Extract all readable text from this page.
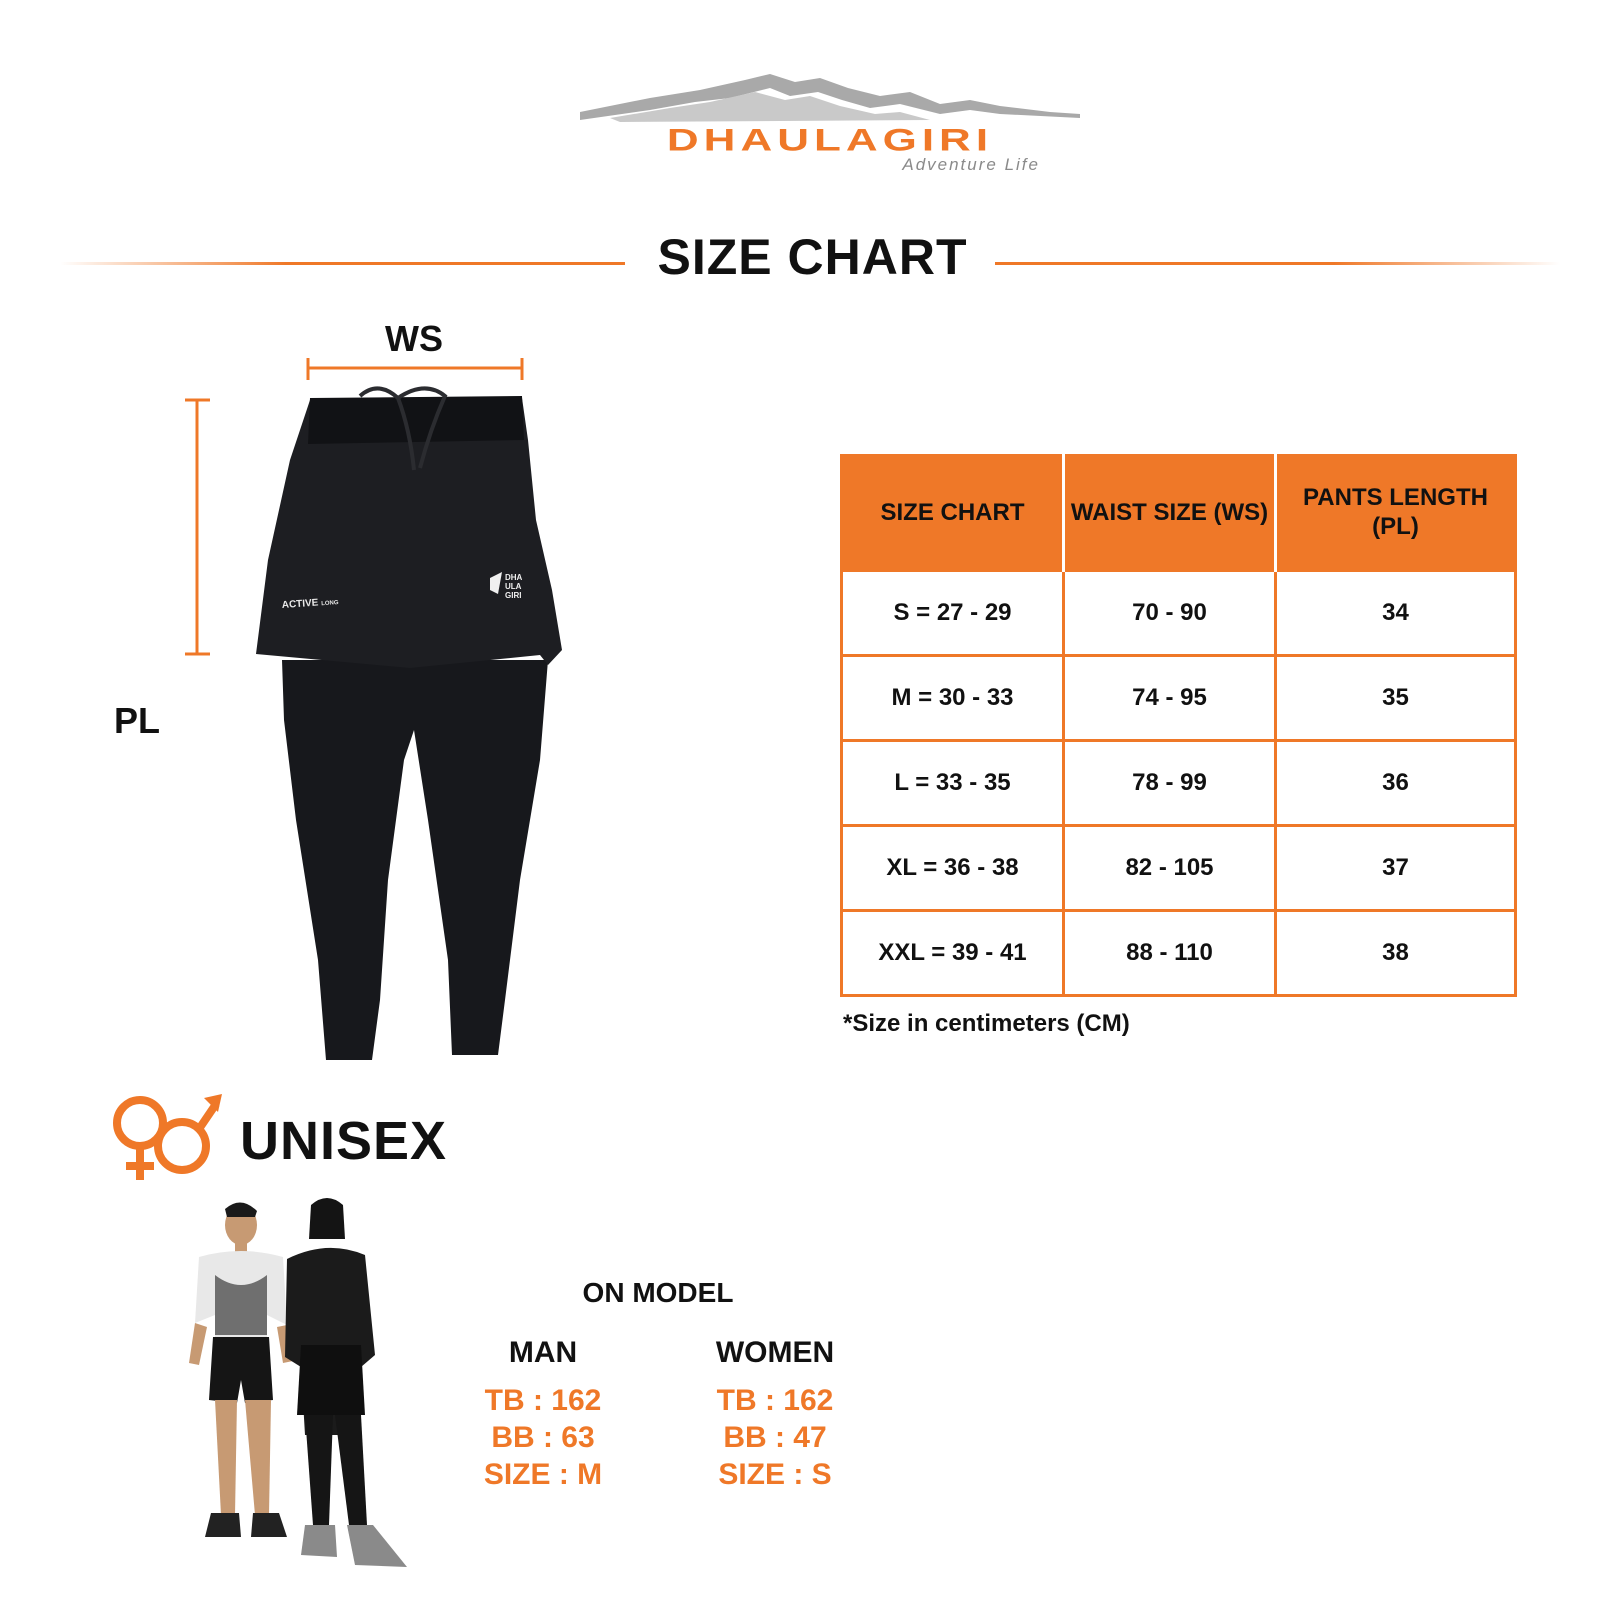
DHAULAGIRI
Adventure Life
SIZE CHART
WS
PL
ACTIVE LONG
DHA
ULA
GIRI
SIZE CHART	WAIST SIZE (WS)	PANTS LENGTH (PL)
S = 27 - 29	70 - 90	34
M = 30 - 33	74 - 95	35
L = 33 - 35	78 - 99	36
XL = 36 - 38	82 - 105	37
XXL = 39 - 41	88 - 110	38
*Size in centimeters (CM)
UNISEX
ON MODEL
MAN
TB : 162
BB : 63
SIZE : M
WOMEN
TB : 162
BB : 47
SIZE : S
